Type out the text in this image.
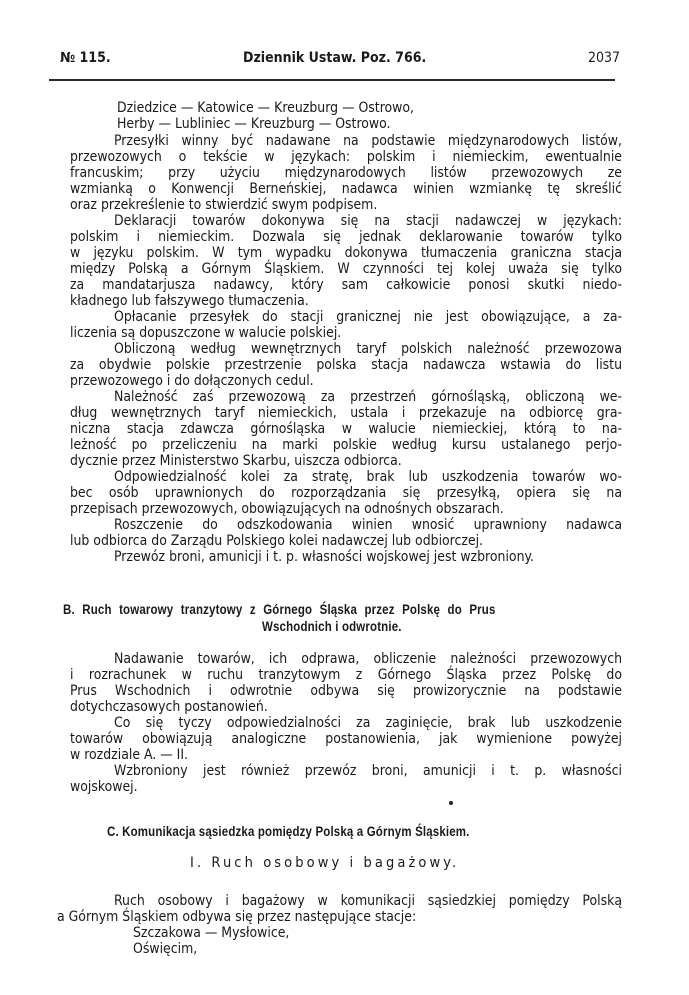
№ 115.	Dziennik Ustaw. Poz. 766.	2037
Dziedzice — Katowice — Kreuzburg — Ostrowo,
Herby — Lubliniec — Kreuzburg — Ostrowo.
Przesyłki winny być nadawane na podstawie międzynarodowych listów,
przewozowych o tekście w językach: polskim i niemieckim, ewentualnie
francuskim; przy użyciu międzynarodowych listów przewozowych ze
wzmianką o Konwencji Berneńskiej, nadawca winien wzmiankę tę skreślić
oraz przekreślenie to stwierdzić swym podpisem.
Deklaracji towarów dokonywa się na stacji nadawczej w językach:
polskim i niemieckim. Dozwala się jednak deklarowanie towarów tylko
w języku polskim. W tym wypadku dokonywa tłumaczenia graniczna stacja
między Polską a Górnym Śląskiem. W czynności tej kolej uważa się tylko
za mandatarjusza nadawcy, który sam całkowicie ponosi skutki niedo-
kładnego lub fałszywego tłumaczenia.
Opłacanie przesyłek do stacji granicznej nie jest obowiązujące, a za-
liczenia są dopuszczone w walucie polskiej.
Obliczoną według wewnętrznych taryf polskich należność przewozowa
za obydwie polskie przestrzenie polska stacja nadawcza wstawia do listu
przewozowego i do dołączonych cedul.
Należność zaś przewozową za przestrzeń górnośląską, obliczoną we-
dług wewnętrznych taryf niemieckich, ustala i przekazuje na odbiorcę gra-
niczna stacja zdawcza górnośląska w walucie niemieckiej, którą to na-
leżność po przeliczeniu na marki polskie według kursu ustalanego perjo-
dycznie przez Ministerstwo Skarbu, uiszcza odbiorca.
Odpowiedzialność kolei za stratę, brak lub uszkodzenia towarów wo-
bec osób uprawnionych do rozporządzania się przesyłką, opiera się na
przepisach przewozowych, obowiązujących na odnośnych obszarach.
Roszczenie do odszkodowania winien wnosić uprawniony nadawca
lub odbiorca do Zarządu Polskiego kolei nadawczej lub odbiorczej.
Przewóz broni, amunicji i t. p. własności wojskowej jest wzbroniony.
B. Ruch towarowy tranzytowy z Górnego Śląska przez Polskę do Prus
Wschodnich i odwrotnie.
Nadawanie towarów, ich odprawa, obliczenie należności przewozowych
i rozrachunek w ruchu tranzytowym z Górnego Śląska przez Polskę do
Prus Wschodnich i odwrotnie odbywa się prowizorycznie na podstawie
dotychczasowych postanowień.
Co się tyczy odpowiedzialności za zaginięcie, brak lub uszkodzenie
towarów obowiązują analogiczne postanowienia, jak wymienione powyżej
w rozdziale A. — II.
Wzbroniony jest również przewóz broni, amunicji i t. p. własności
wojskowej.
C. Komunikacja sąsiedzka pomiędzy Polską a Górnym Śląskiem.
I. Ruch osobowy i bagażowy.
Ruch osobowy i bagażowy w komunikacji sąsiedzkiej pomiędzy Polską
a Górnym Śląskiem odbywa się przez następujące stacje:
Szczakowa — Mysłowice,
Oświęcim,
